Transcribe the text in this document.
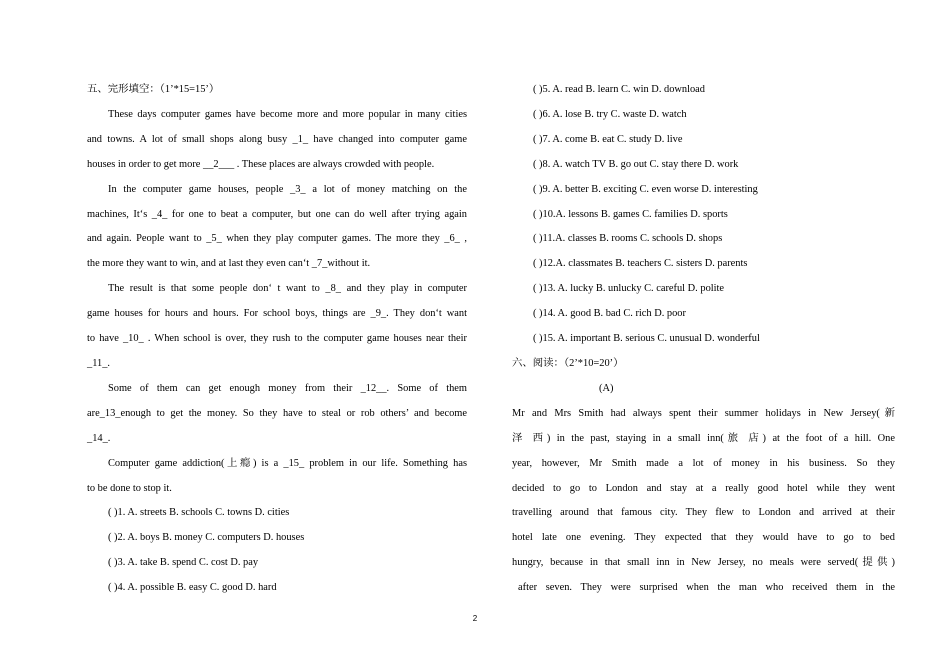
五、完形填空：（1’*15=15’）
These days computer games have become more and more popular in many cities
and towns. A lot of small shops along busy _1_ have changed into computer game
houses in order to get more __2___ . These places are always crowded with people.
In the computer game houses, people _3_ a lot of money matching on the
machines, It‘s _4_ for one to beat a computer, but one can do well after trying again
and again. People want to _5_ when they play computer games. The more they _6_ ,
the more they want to win, and at last they even can‘t _7_without it.
The result is that some people don‘ t want to _8_ and they play in computer
game houses for hours and hours. For school boys, things are _9_. They don‘t want
to have _10_ . When school is over, they rush to the computer game houses near their
_11_.
Some of them can get enough money from their _12__. Some of them
are_13_enough to get the money. So they have to steal or rob others’ and become
_14_.
Computer game addiction(上瘾) is a _15_ problem in our life. Something has
to be done to stop it.
( )1. A. streets B. schools C. towns D. cities
( )2. A. boys B. money C. computers D. houses
( )3. A. take B. spend C. cost D. pay
( )4. A. possible B. easy C. good D. hard
( )5. A. read B. learn C. win D. download
( )6. A. lose B. try C. waste D. watch
( )7. A. come B. eat C. study D. live
( )8. A. watch TV B. go out C. stay there D. work
( )9. A. better B. exciting C. even worse D. interesting
( )10.A. lessons B. games C. families D. sports
( )11.A. classes B. rooms C. schools D. shops
( )12.A. classmates B. teachers C. sisters D. parents
( )13. A. lucky B. unlucky C. careful D. polite
( )14. A. good B. bad C. rich D. poor
( )15. A. important B. serious C. unusual D. wonderful
六、阅读：（2’*10=20’）
(A)
Mr and Mrs Smith had always spent their summer holidays in New Jersey(新
泽 西) in the past, staying in a small inn(旅 店) at the foot of a hill. One
year, however, Mr Smith made a lot of money in his business. So they
decided to go to London and stay at a really good hotel while they went
travelling around that famous city. They flew to London and arrived at their
hotel late one evening. They expected that they would have to go to bed
hungry, because in that small inn in New Jersey, no meals were served(提供)
after seven. They were surprised when the man who received them in the
2
